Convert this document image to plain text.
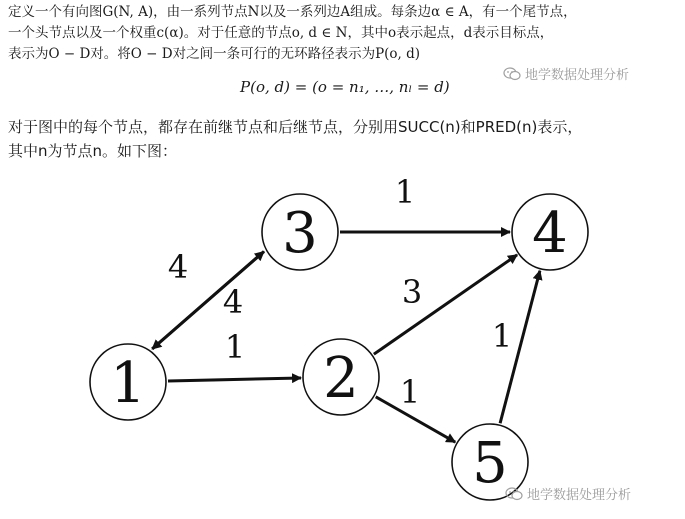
定义一个有向图G(N, A)，由一系列节点N以及一系列边A组成。每条边α ∈ A，有一个尾节点，
一个头节点以及一个权重c(α)。对于任意的节点o, d ∈ N，其中o表示起点，d表示目标点，
表示为O − D对。将O − D对之间一条可行的无环路径表示为P(o, d)
P(o, d) = (o = n₁, …, nₗ = d)
地学数据处理分析
对于图中的每个节点，都存在前继节点和后继节点，分别用SUCC(n)和PRED(n)表示，
其中n为节点n。如下图：
4
4
1
1
3
1
1
1	2
3	4
5 地学数据处理分析
